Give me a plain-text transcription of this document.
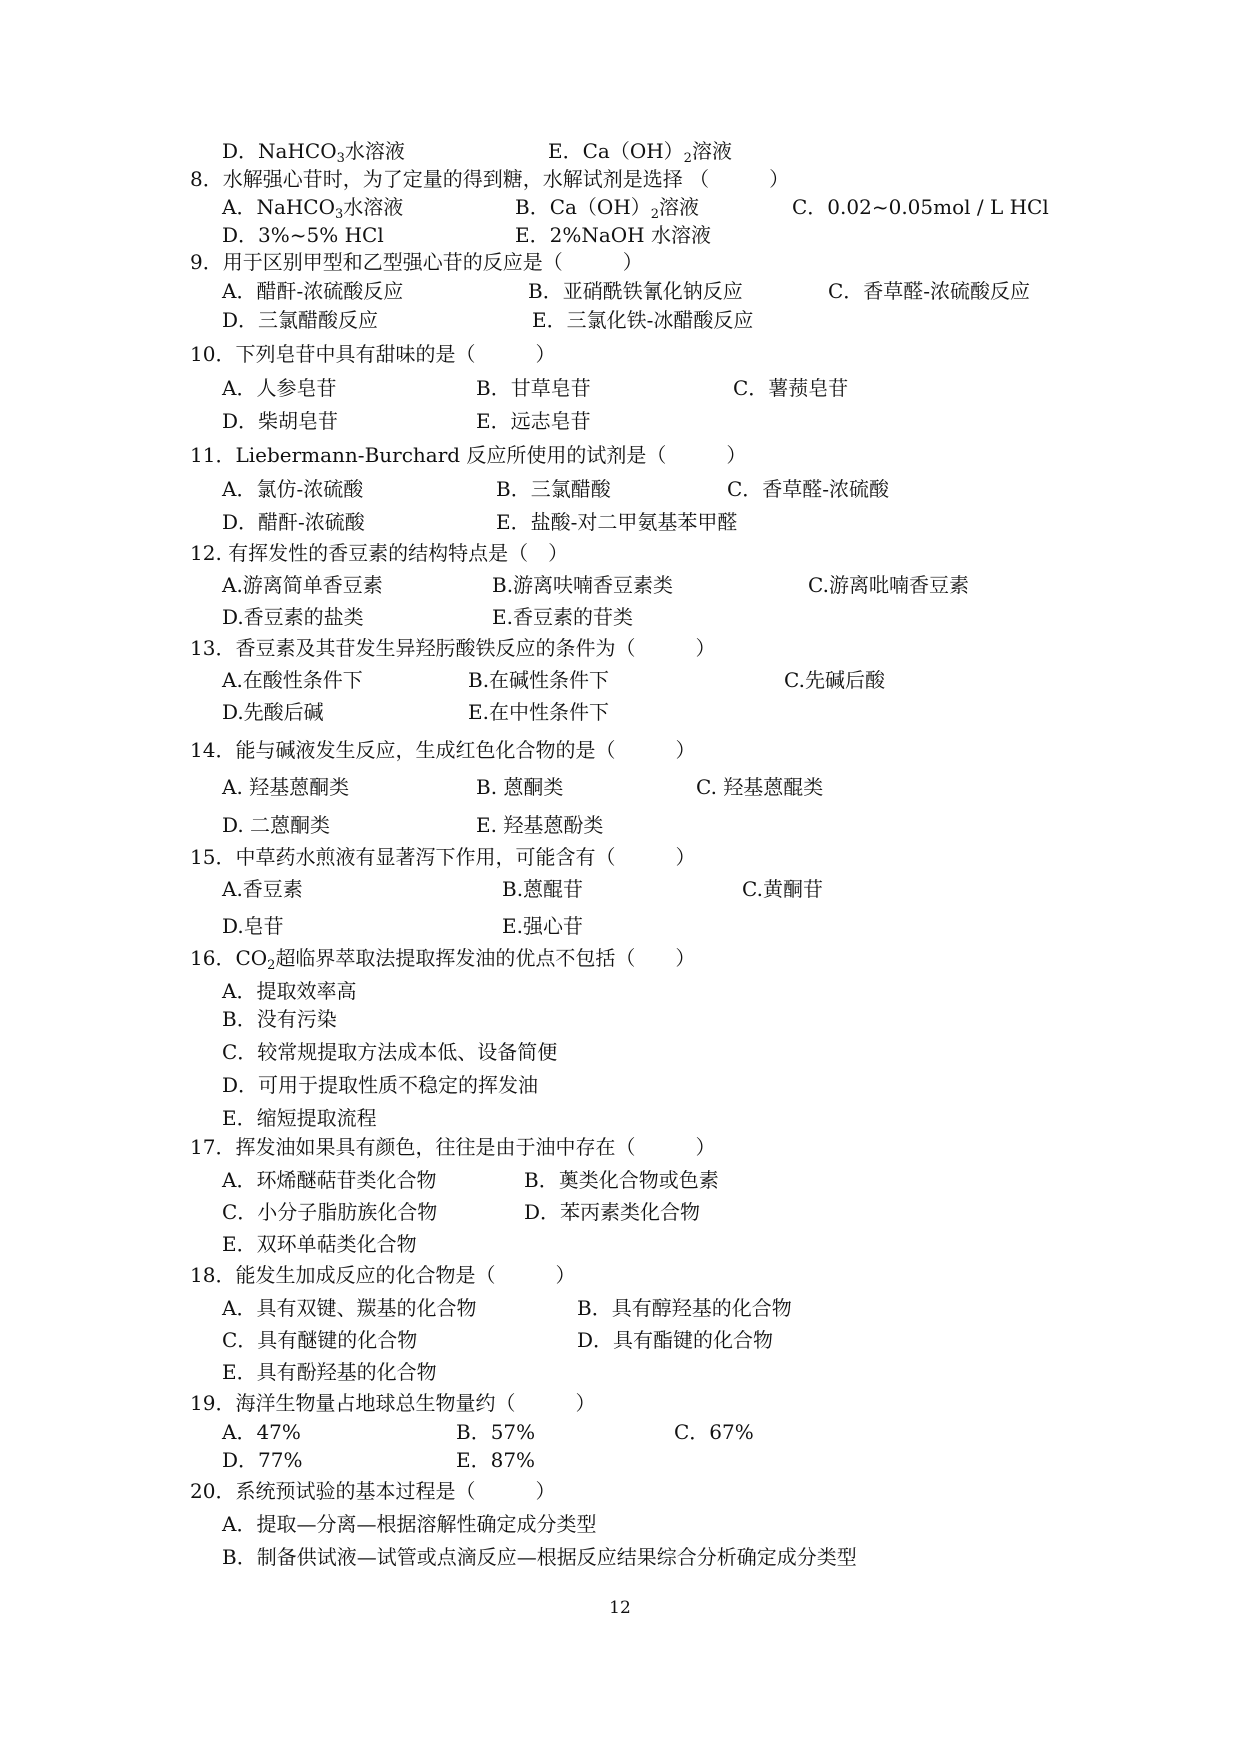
D．NaHCO$_3$水溶液	E．$Ca(OH)_2$溶液
8．水解强心苷时，为了定量的得到糖，水解试剂是选择 （　　　）
A．NaHCO$_3$水溶液	B．$Ca(OH)_2$溶液	C．0.02~0.05mol / L HCl
D．3%~5% HCl	E．2%NaOH 水溶液
9．用于区别甲型和乙型强心苷的反应是（　　　）
A．醋酐-浓硫酸反应	B．亚硝酰铁氰化钠反应	C．香草醛-浓硫酸反应
D．三氯醋酸反应	E．三氯化铁-冰醋酸反应
10．下列皂苷中具有甜味的是（　　　）
A．人参皂苷	B．甘草皂苷	C．薯蓣皂苷
D．柴胡皂苷	E．远志皂苷
11．Liebermann-Burchard 反应所使用的试剂是（　　　）
A．氯仿-浓硫酸	B．三氯醋酸	C．香草醛-浓硫酸
D．醋酐-浓硫酸	E．盐酸-对二甲氨基苯甲醛
12. 有挥发性的香豆素的结构特点是（　）
A.游离简单香豆素	B.游离呋喃香豆素类	C.游离吡喃香豆素
D.香豆素的盐类	E.香豆素的苷类
13．香豆素及其苷发生异羟肟酸铁反应的条件为（　　　）
A.在酸性条件下	B.在碱性条件下	C.先碱后酸
D.先酸后碱	E.在中性条件下
14．能与碱液发生反应，生成红色化合物的是（　　　）
A. 羟基蒽酮类	B. 蒽酮类	C. 羟基蒽醌类
D. 二蒽酮类	E. 羟基蒽酚类
15．中草药水煎液有显著泻下作用，可能含有（　　　）
A.香豆素	B.蒽醌苷	C.黄酮苷
D.皂苷	E.强心苷
16．$CO_2$超临界萃取法提取挥发油的优点不包括（　　）
A．提取效率高
B．没有污染
C．较常规提取方法成本低、设备简便
D．可用于提取性质不稳定的挥发油
E．缩短提取流程
17．挥发油如果具有颜色，往往是由于油中存在（　　　）
A．环烯醚萜苷类化合物	B．薁类化合物或色素
C．小分子脂肪族化合物	D．苯丙素类化合物
E．双环单萜类化合物
18．能发生加成反应的化合物是（　　　）
A．具有双键、羰基的化合物	B．具有醇羟基的化合物
C．具有醚键的化合物	D．具有酯键的化合物
E．具有酚羟基的化合物
19．海洋生物量占地球总生物量约（　　　）
A．47%	B．57%	C．67%
D．77%	E．87%
20．系统预试验的基本过程是（　　　）
A．提取—分离—根据溶解性确定成分类型
B．制备供试液—试管或点滴反应—根据反应结果综合分析确定成分类型
12
